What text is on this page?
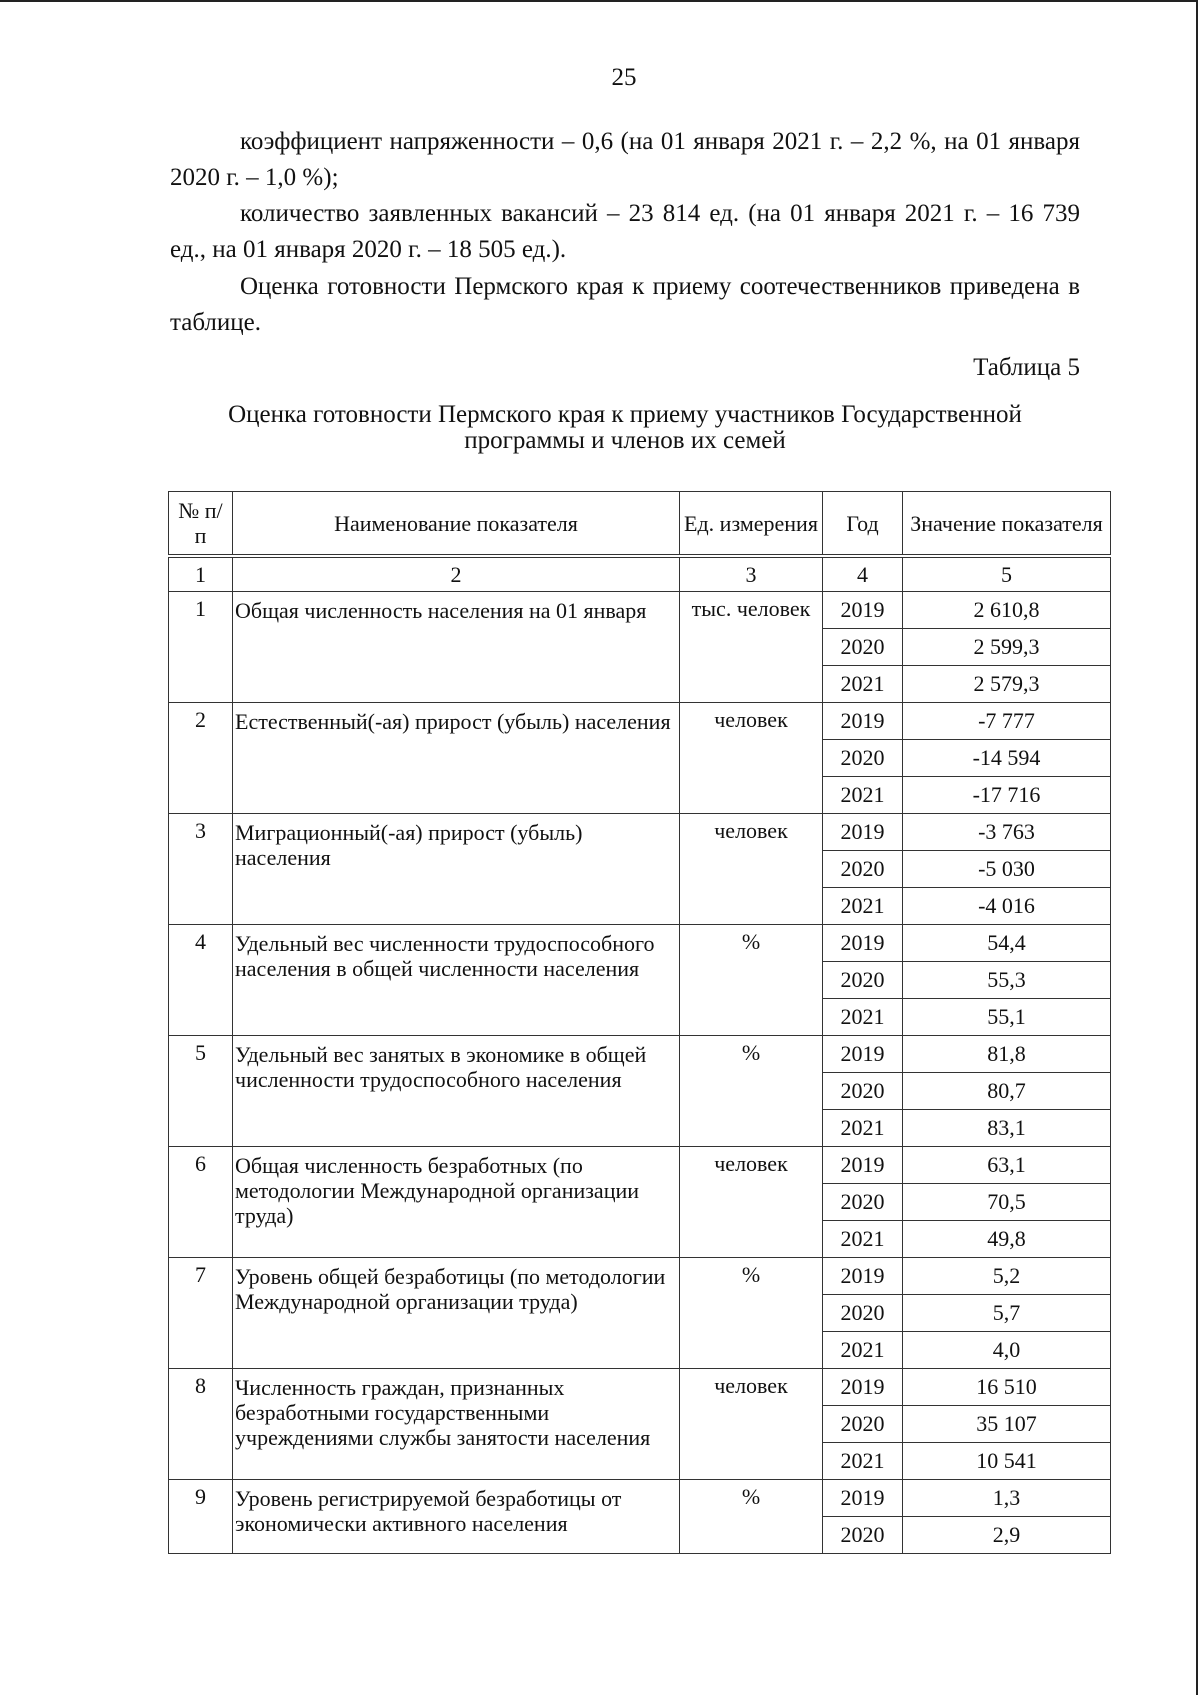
25

коэффициент напряженности – 0,6 (на 01 января 2021 г. – 2,2 %, на 01 января 2020 г. – 1,0 %);

количество заявленных вакансий – 23 814 ед. (на 01 января 2021 г. – 16 739 ед., на 01 января 2020 г. – 18 505 ед.).

Оценка готовности Пермского края к приему соотечественников приведена в таблице.

Таблица 5
Оценка готовности Пермского края к приему участников Государственной
программы и членов их семей
№ п/п	Наименование показателя	Ед. измерения	Год	Значение показателя
1	2	3	4	5
1	Общая численность населения на 01 января	тыс. человек	2019	2 610,8
			2020	2 599,3
			2021	2 579,3
2	Естественный(-ая) прирост (убыль) населения	человек	2019	-7 777
			2020	-14 594
			2021	-17 716
3	Миграционный(-ая) прирост (убыль) населения	человек	2019	-3 763
			2020	-5 030
			2021	-4 016
4	Удельный вес численности трудоспособного населения в общей численности населения	%	2019	54,4
			2020	55,3
			2021	55,1
5	Удельный вес занятых в экономике в общей численности трудоспособного населения	%	2019	81,8
			2020	80,7
			2021	83,1
6	Общая численность безработных (по методологии Международной организации труда)	человек	2019	63,1
			2020	70,5
			2021	49,8
7	Уровень общей безработицы (по методологии Международной организации труда)	%	2019	5,2
			2020	5,7
			2021	4,0
8	Численность граждан, признанных безработными государственными учреждениями службы занятости населения	человек	2019	16 510
			2020	35 107
			2021	10 541
9	Уровень регистрируемой безработицы от экономически активного населения	%	2019	1,3
			2020	2,9
